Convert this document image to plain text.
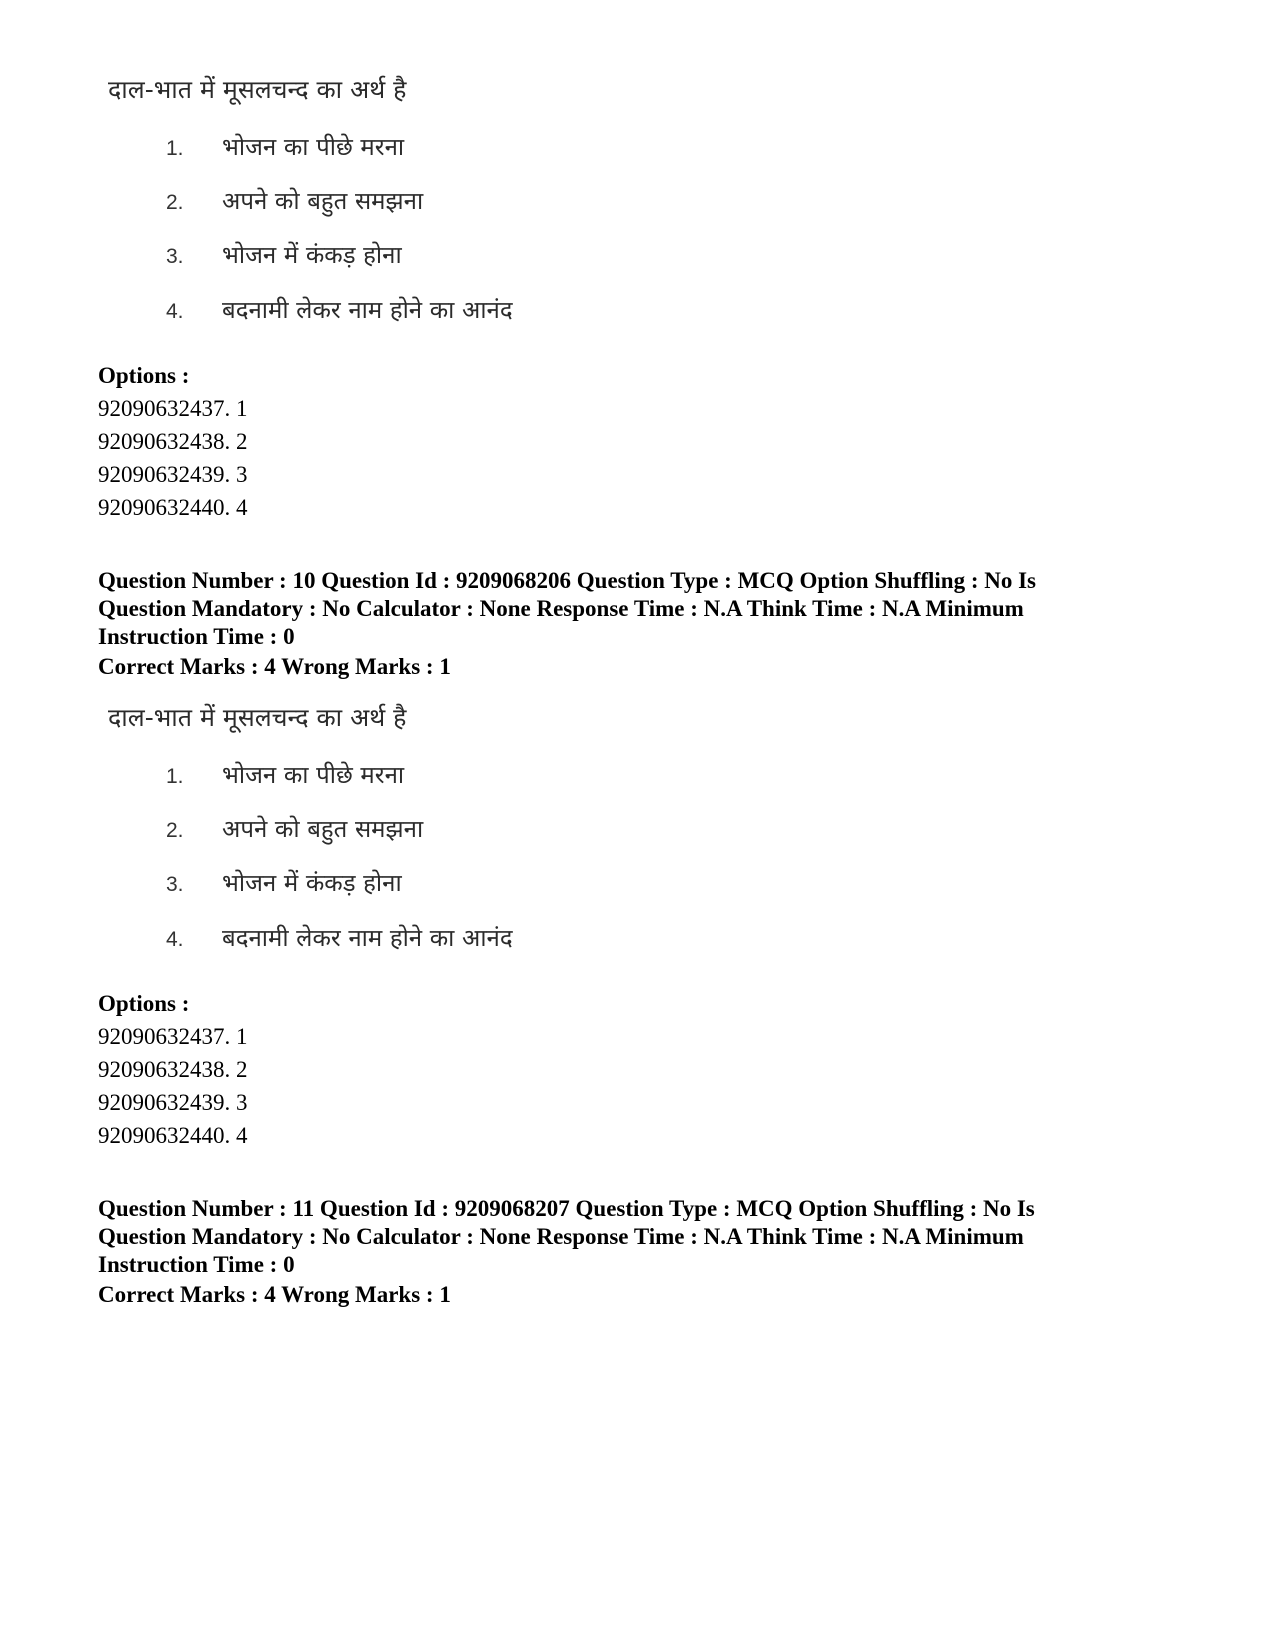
दाल-भात में मूसलचन्द का अर्थ है
1. भोजन का पीछे मरना
2. अपने को बहुत समझना
3. भोजन में कंकड़ होना
4. बदनामी लेकर नाम होने का आनंद
Options :
92090632437. 1
92090632438. 2
92090632439. 3
92090632440. 4
Question Number : 10 Question Id : 9209068206 Question Type : MCQ Option Shuffling : No Is Question Mandatory : No Calculator : None Response Time : N.A Think Time : N.A Minimum Instruction Time : 0
Correct Marks : 4 Wrong Marks : 1
दाल-भात में मूसलचन्द का अर्थ है
1. भोजन का पीछे मरना
2. अपने को बहुत समझना
3. भोजन में कंकड़ होना
4. बदनामी लेकर नाम होने का आनंद
Options :
92090632437. 1
92090632438. 2
92090632439. 3
92090632440. 4
Question Number : 11 Question Id : 9209068207 Question Type : MCQ Option Shuffling : No Is Question Mandatory : No Calculator : None Response Time : N.A Think Time : N.A Minimum Instruction Time : 0
Correct Marks : 4 Wrong Marks : 1
